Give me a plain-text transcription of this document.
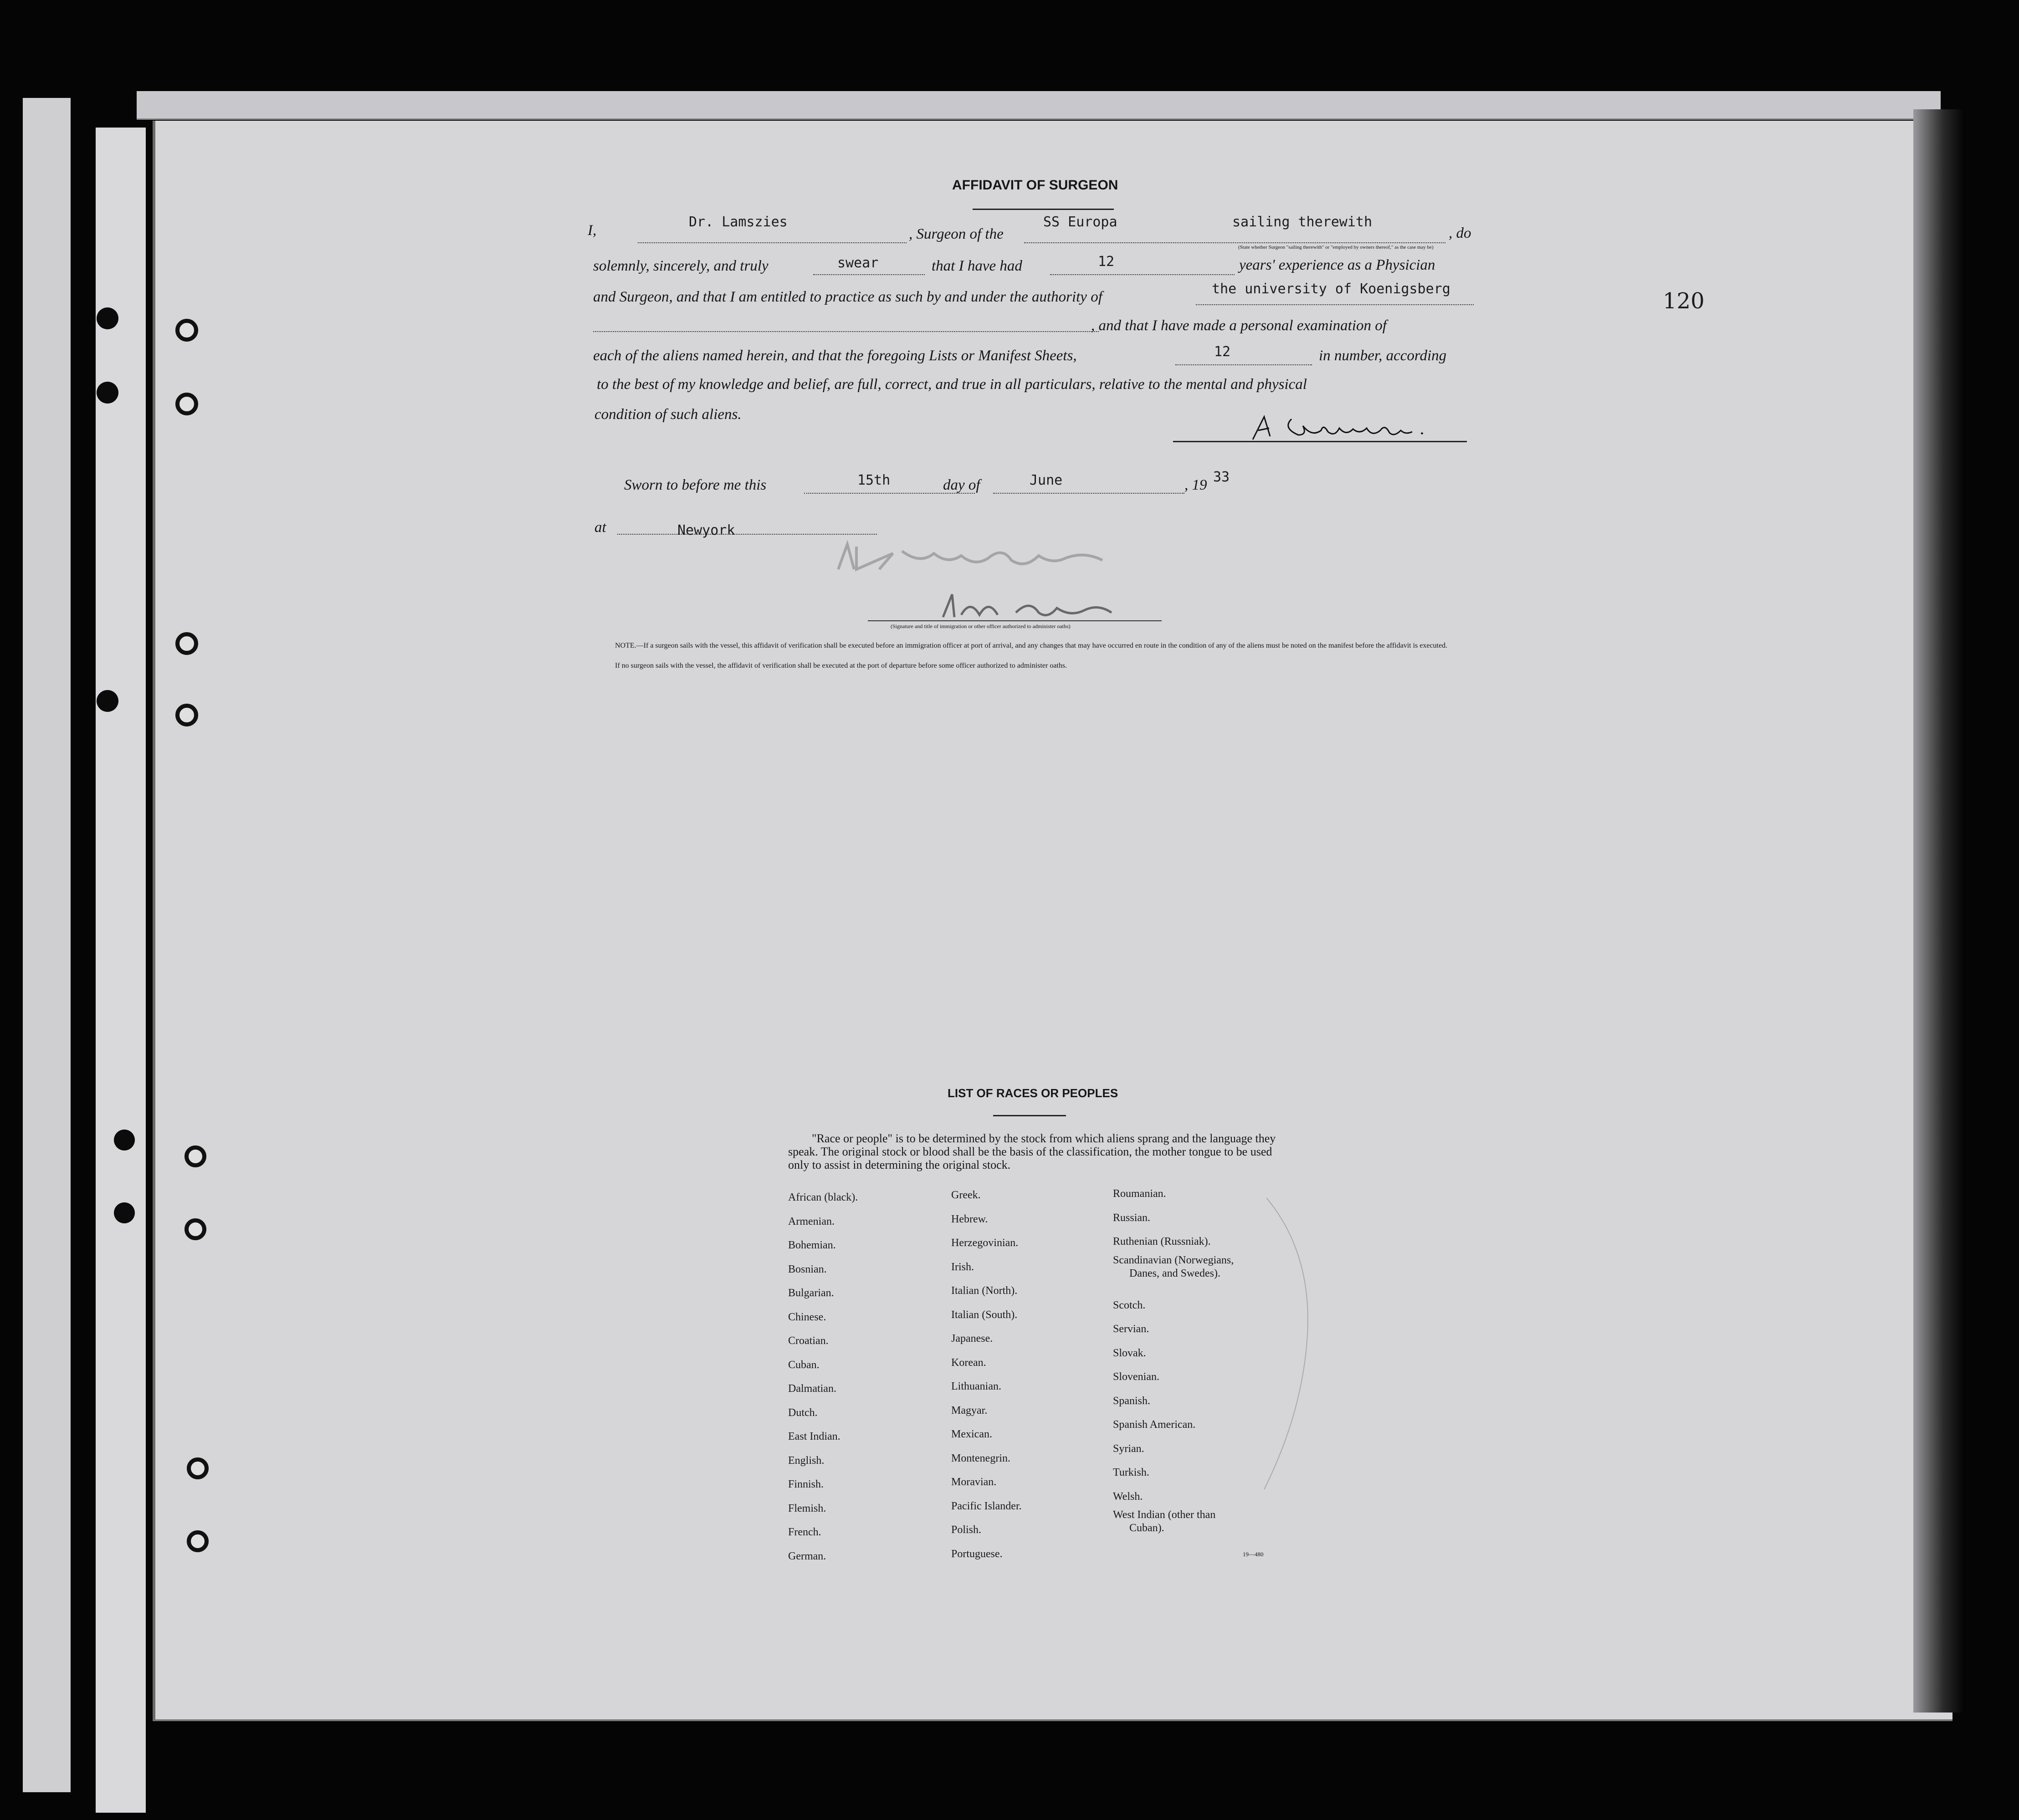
120
AFFIDAVIT OF SURGEON
I,
Dr. Lamszies
, Surgeon of the
SS Europa	sailing therewith
(State whether Surgeon "sailing therewith" or "employed by owners thereof," as the case may be)
, do
solemnly, sincerely, and truly	swear	that I have had	12	years' experience as a Physician
and Surgeon, and that I am entitled to practice as such by and under the authority of	the university of Koenigsberg
, and that I have made a personal examination of
each of the aliens named herein, and that the foregoing Lists or Manifest Sheets,	12	in number, according
to the best of my knowledge and belief, are full, correct, and true in all particulars, relative to the mental and physical
condition of such aliens.
Sworn to before me this	15th	day of	June	, 19 33
at	Newyork
(Signature and title of immigration or other officer authorized to administer oaths)
NOTE.—If a surgeon sails with the vessel, this affidavit of verification shall be executed before an immigration officer at port of arrival, and any changes that may have occurred en route in the condition of any of the aliens must be noted on the manifest before the affidavit is executed.
If no surgeon sails with the vessel, the affidavit of verification shall be executed at the port of departure before some officer authorized to administer oaths.
LIST OF RACES OR PEOPLES
"Race or people" is to be determined by the stock from which aliens sprang and the language they speak. The original stock or blood shall be the basis of the classification, the mother tongue to be used only to assist in determining the original stock.
African (black).
Armenian.
Bohemian.
Bosnian.
Bulgarian.
Chinese.
Croatian.
Cuban.
Dalmatian.
Dutch.
East Indian.
English.
Finnish.
Flemish.
French.
German.
Greek.
Hebrew.
Herzegovinian.
Irish.
Italian (North).
Italian (South).
Japanese.
Korean.
Lithuanian.
Magyar.
Mexican.
Montenegrin.
Moravian.
Pacific Islander.
Polish.
Portuguese.
Roumanian.
Russian.
Ruthenian (Russniak).
Scandinavian (Norwegians,
Danes, and Swedes).
Scotch.
Servian.
Slovak.
Slovenian.
Spanish.
Spanish American.
Syrian.
Turkish.
Welsh.
West Indian (other than
Cuban).
19—480
